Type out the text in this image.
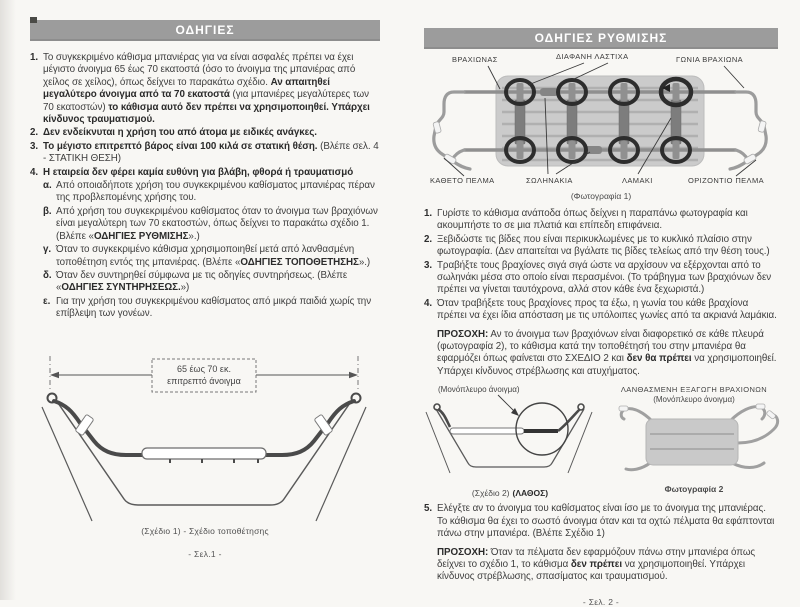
ΟΔΗΓΙΕΣ
1. Το συγκεκριμένο κάθισμα μπανιέρας για να είναι ασφαλές πρέπει να έχει μέγιστο άνοιγμα 65 έως 70 εκατοστά (όσο το άνοιγμα της μπανιέρας από χείλος σε χείλος), όπως δείχνει το παρακάτω σχέδιο. Αν απαιτηθεί μεγαλύτερο άνοιγμα από τα 70 εκατοστά (για μπανιέρες μεγαλύτερες των 70 εκατοστών) το κάθισμα αυτό δεν πρέπει να χρησιμοποιηθεί. Υπάρχει κίνδυνος τραυματισμού.
2. Δεν ενδείκνυται η χρήση του από άτομα με ειδικές ανάγκες.
3. Το μέγιστο επιτρεπτό βάρος είναι 100 κιλά σε στατική θέση. (Βλέπε σελ. 4 - ΣΤΑΤΙΚΗ ΘΕΣΗ)
4. Η εταιρεία δεν φέρει καμία ευθύνη για βλάβη, φθορά ή τραυματισμό
α. Από οποιαδήποτε χρήση του συγκεκριμένου καθίσματος μπανιέρας πέραν της προβλεπομένης χρήσης του.
β. Από χρήση του συγκεκριμένου καθίσματος όταν το άνοιγμα των βραχιόνων είναι μεγαλύτερη των 70 εκατοστών, όπως δείχνει το παρακάτω σχέδιο 1. (Βλέπε «ΟΔΗΓΙΕΣ ΡΥΘΜΙΣΗΣ».)
γ. Όταν το συγκεκριμένο κάθισμα χρησιμοποιηθεί μετά από λανθασμένη τοποθέτηση εντός της μπανιέρας. (Βλέπε «ΟΔΗΓΙΕΣ ΤΟΠΟΘΕΤΗΣΗΣ».)
δ. Όταν δεν συντηρηθεί σύμφωνα με τις οδηγίες συντηρήσεως. (Βλέπε «ΟΔΗΓΙΕΣ ΣΥΝΤΗΡΗΣΕΩΣ.»)
ε. Για την χρήση του συγκεκριμένου καθίσματος από μικρά παιδιά χωρίς την επίβλεψη των γονέων.
65 έως 70 εκ.
επιτρεπτό άνοιγμα
(Σχέδιο 1) - Σχέδιο τοποθέτησης
- Σελ.1 -
ΟΔΗΓΙΕΣ ΡΥΘΜΙΣΗΣ
ΒΡΑΧΙΩΝΑΣ	ΔΙΑΦΑΝΗ ΛΑΣΤΙΧΑ	ΓΩΝΙΑ ΒΡΑΧΙΩΝΑ
ΚΑΘΕΤΟ ΠΕΛΜΑ	ΣΩΛΗΝΑΚΙΑ	ΛΑΜΑΚΙ	ΟΡΙΖΟΝΤΙΟ ΠΕΛΜΑ
(Φωτογραφία 1)
1. Γυρίστε το κάθισμα ανάποδα όπως δείχνει η παραπάνω φωτογραφία και ακουμπήστε το σε μια πλατιά και επίπεδη επιφάνεια.
2. Ξεβιδώστε τις βίδες που είναι περικυκλωμένες με το κυκλικό πλαίσιο στην φωτογραφία. (Δεν απαιτείται να βγάλατε τις βίδες τελείως από την θέση τους.)
3. Τραβήξτε τους βραχίονες σιγά σιγά ώστε να αρχίσουν να εξέρχονται από το σωληνάκι μέσα στο οποίο είναι περασμένοι. (Το τράβηγμα των βραχιόνων δεν πρέπει να γίνεται ταυτόχρονα, αλλά στον κάθε ένα ξεχωριστά.)
4. Όταν τραβήξετε τους βραχίονες προς τα έξω, η γωνία του κάθε βραχίονα πρέπει να έχει ίδια απόσταση με τις υπόλοιπες γωνίες από τα ακριανά λαμάκια.

ΠΡΟΣΟΧΗ: Αν το άνοιγμα των βραχιόνων είναι διαφορετικό σε κάθε πλευρά (φωτογραφία 2), το κάθισμα κατά την τοποθέτησή του στην μπανιέρα θα εφαρμόζει όπως φαίνεται στο ΣΧΕΔΙΟ 2 και δεν θα πρέπει να χρησιμοποιηθεί. Υπάρχει κίνδυνος στρέβλωσης και ατυχήματος.

(Μονόπλευρο άνοιγμα)
(Σχέδιο 2) (ΛΑΘΟΣ)
ΛΑΝΘΑΣΜΕΝΗ ΕΞΑΓΩΓΗ ΒΡΑΧΙΟΝΩΝ
(Μονόπλευρο άνοιγμα)
Φωτογραφία 2
5. Ελέγξτε αν το άνοιγμα του καθίσματος είναι ίσο με το άνοιγμα της μπανιέρας. Το κάθισμα θα έχει το σωστό άνοιγμα όταν και τα οχτώ πέλματα θα εφάπτονται πάνω στην μπανιέρα. (Βλέπε Σχέδιο 1)

ΠΡΟΣΟΧΗ: Όταν τα πέλματα δεν εφαρμόζουν πάνω στην μπανιέρα όπως δείχνει το σχέδιο 1, το κάθισμα δεν πρέπει να χρησιμοποιηθεί. Υπάρχει κίνδυνος στρέβλωσης, σπασίματος και τραυματισμού.

- Σελ. 2 -
